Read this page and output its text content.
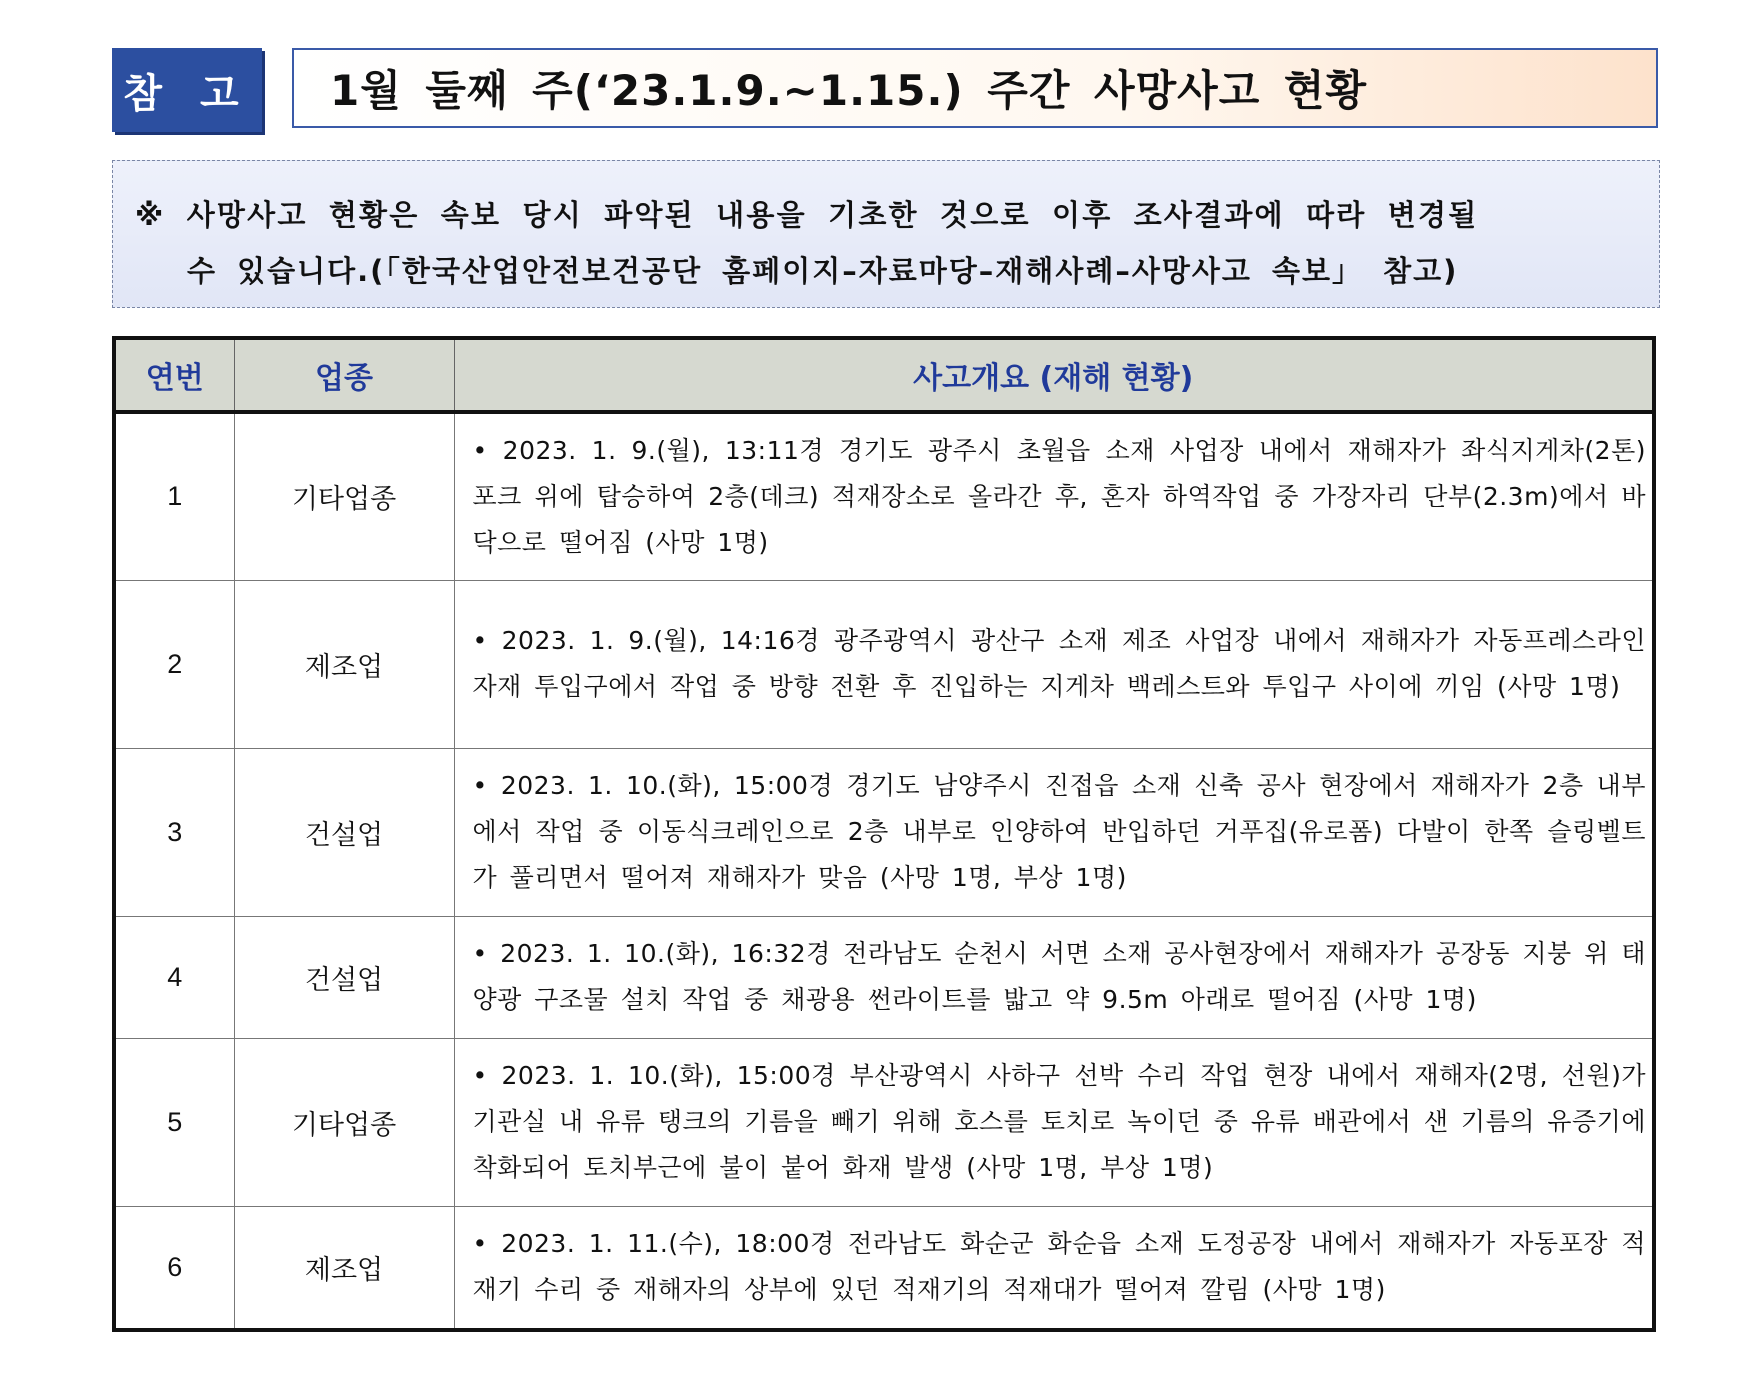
참 고 1월 둘째 주(‘23.1.9.~1.15.) 주간 사망사고 현황
※ 사망사고 현황은 속보 당시 파악된 내용을 기초한 것으로 이후 조사결과에 따라 변경될
수 있습니다.(「한국산업안전보건공단 홈페이지–자료마당–재해사례–사망사고 속보」 참고)
연번	업종	사고개요 (재해 현황)
1	기타업종	• 2023. 1. 9.(월), 13:11경 경기도 광주시 초월읍 소재 사업장 내에서 재해자가 좌식지게차(2톤) 포크 위에 탑승하여 2층(데크) 적재장소로 올라간 후, 혼자 하역작업 중 가장자리 단부(2.3m)에서 바닥으로 떨어짐 (사망 1명)
2	제조업	• 2023. 1. 9.(월), 14:16경 광주광역시 광산구 소재 제조 사업장 내에서 재해자가 자동프레스라인 자재 투입구에서 작업 중 방향 전환 후 진입하는 지게차 백레스트와 투입구 사이에 끼임 (사망 1명)
3	건설업	• 2023. 1. 10.(화), 15:00경 경기도 남양주시 진접읍 소재 신축 공사 현장에서 재해자가 2층 내부에서 작업 중 이동식크레인으로 2층 내부로 인양하여 반입하던 거푸집(유로폼) 다발이 한쪽 슬링벨트가 풀리면서 떨어져 재해자가 맞음 (사망 1명, 부상 1명)
4	건설업	• 2023. 1. 10.(화), 16:32경 전라남도 순천시 서면 소재 공사현장에서 재해자가 공장동 지붕 위 태양광 구조물 설치 작업 중 채광용 썬라이트를 밟고 약 9.5m 아래로 떨어짐 (사망 1명)
5	기타업종	• 2023. 1. 10.(화), 15:00경 부산광역시 사하구 선박 수리 작업 현장 내에서 재해자(2명, 선원)가 기관실 내 유류 탱크의 기름을 빼기 위해 호스를 토치로 녹이던 중 유류 배관에서 샌 기름의 유증기에 착화되어 토치부근에 불이 붙어 화재 발생 (사망 1명, 부상 1명)
6	제조업	• 2023. 1. 11.(수), 18:00경 전라남도 화순군 화순읍 소재 도정공장 내에서 재해자가 자동포장 적재기 수리 중 재해자의 상부에 있던 적재기의 적재대가 떨어져 깔림 (사망 1명)
